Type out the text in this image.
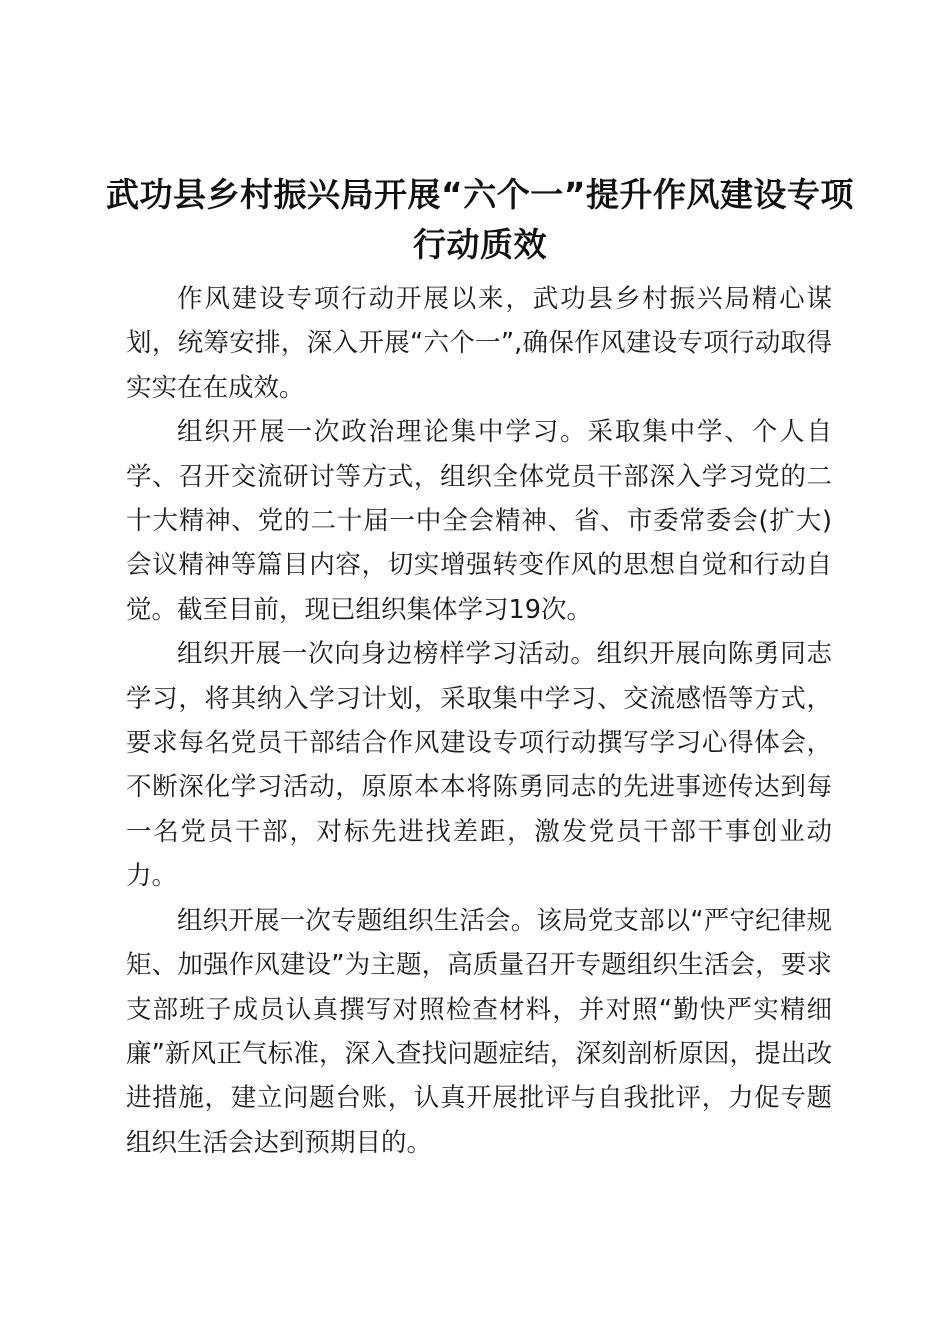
武功县乡村振兴局开展“六个一”提升作风建设专项行动质效

作风建设专项行动开展以来，武功县乡村振兴局精心谋划，统筹安排，深入开展“六个一”,确保作风建设专项行动取得实实在在成效。

组织开展一次政治理论集中学习。采取集中学、个人自学、召开交流研讨等方式，组织全体党员干部深入学习党的二十大精神、党的二十届一中全会精神、省、市委常委会(扩大)会议精神等篇目内容，切实增强转变作风的思想自觉和行动自觉。截至目前，现已组织集体学习19次。

组织开展一次向身边榜样学习活动。组织开展向陈勇同志学习，将其纳入学习计划，采取集中学习、交流感悟等方式，要求每名党员干部结合作风建设专项行动撰写学习心得体会，不断深化学习活动，原原本本将陈勇同志的先进事迹传达到每一名党员干部，对标先进找差距，激发党员干部干事创业动力。

组织开展一次专题组织生活会。该局党支部以“严守纪律规矩、加强作风建设”为主题，高质量召开专题组织生活会，要求支部班子成员认真撰写对照检查材料，并对照“勤快严实精细廉”新风正气标准，深入查找问题症结，深刻剖析原因，提出改进措施，建立问题台账，认真开展批评与自我批评，力促专题组织生活会达到预期目的。
